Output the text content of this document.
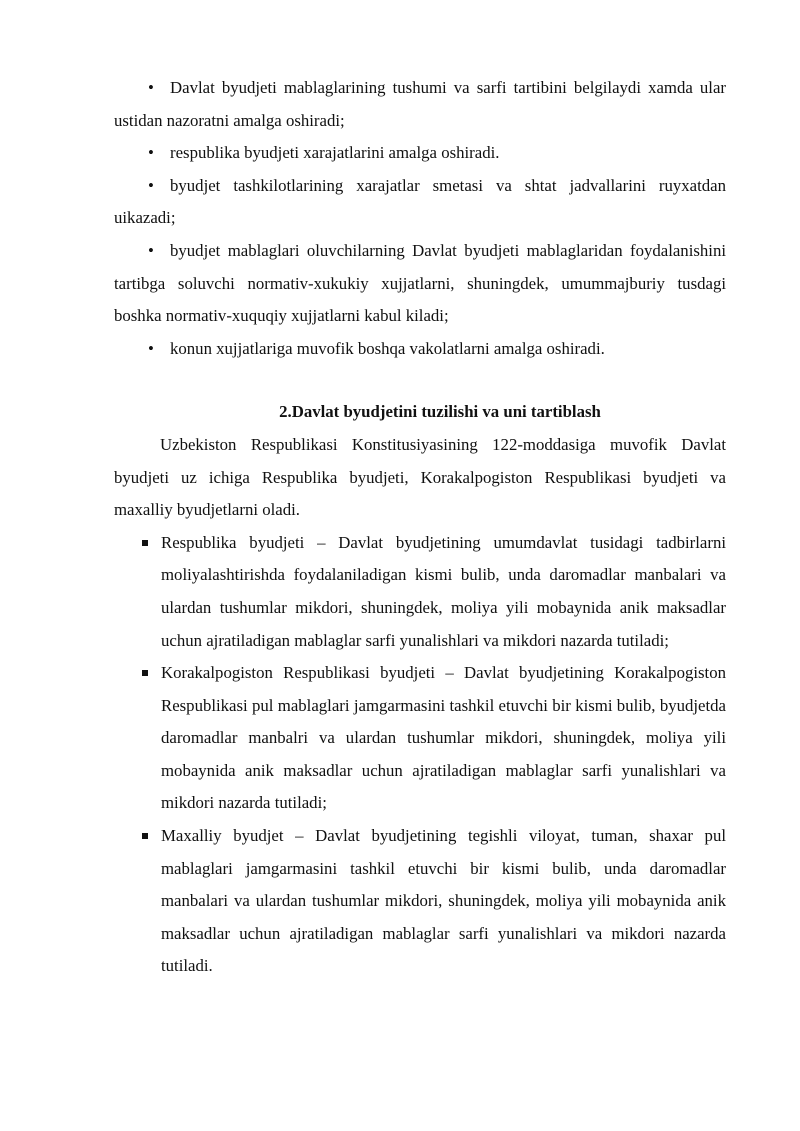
• Davlat byudjeti mablaglarining tushumi va sarfi tartibini belgilaydi xamda ular ustidan nazoratni amalga oshiradi;

• respublika byudjeti xarajatlarini amalga oshiradi.

• byudjet tashkilotlarining xarajatlar smetasi va shtat jadvallarini ruyxatdan uikazadi;

• byudjet mablaglari oluvchilarning Davlat byudjeti mablaglaridan foydalanishini tartibga soluvchi normativ-xukukiy xujjatlarni, shuningdek, umummajburiy tusdagi boshka normativ-xuquqiy xujjatlarni kabul kiladi;

• konun xujjatlariga muvofik boshqa vakolatlarni amalga oshiradi.

2.Davlat byudjetini tuzilishi va uni tartiblash

Uzbekiston Respublikasi Konstitusiyasining 122-moddasiga muvofik Davlat byudjeti uz ichiga Respublika byudjeti, Korakalpogiston Respublikasi byudjeti va maxalliy byudjetlarni oladi.

Respublika byudjeti – Davlat byudjetining umumdavlat tusidagi tadbirlarni moliyalashtirishda foydalaniladigan kismi bulib, unda daromadlar manbalari va ulardan tushumlar mikdori, shuningdek, moliya yili mobaynida anik maksadlar uchun ajratiladigan mablaglar sarfi yunalishlari va mikdori nazarda tutiladi;
Korakalpogiston Respublikasi byudjeti – Davlat byudjetining Korakalpogiston Respublikasi pul mablaglari jamgarmasini tashkil etuvchi bir kismi bulib, byudjetda daromadlar manbalri va ulardan tushumlar mikdori, shuningdek, moliya yili mobaynida anik maksadlar uchun ajratiladigan mablaglar sarfi yunalishlari va mikdori nazarda tutiladi;
Maxalliy byudjet – Davlat byudjetining tegishli viloyat, tuman, shaxar pul mablaglari jamgarmasini tashkil etuvchi bir kismi bulib, unda daromadlar manbalari va ulardan tushumlar mikdori, shuningdek, moliya yili mobaynida anik maksadlar uchun ajratiladigan mablaglar sarfi yunalishlari va mikdori nazarda tutiladi.
